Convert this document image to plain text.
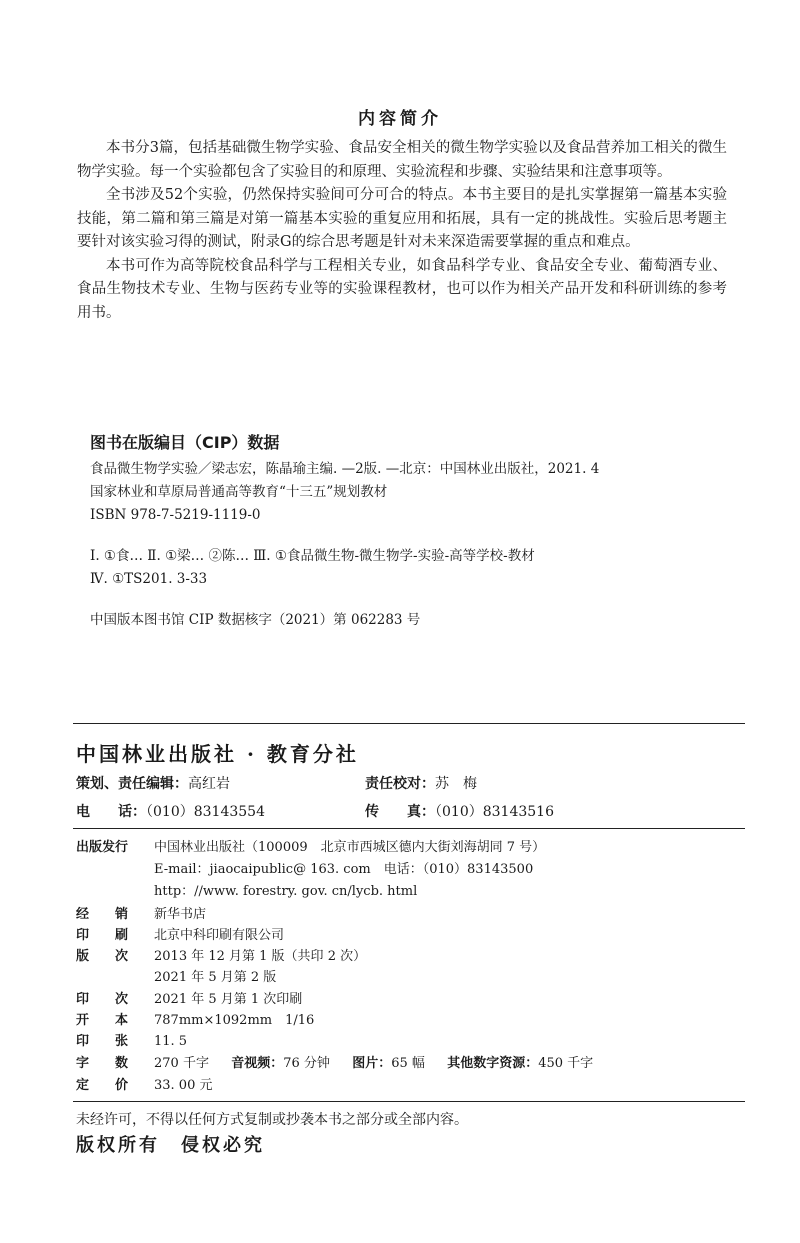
内容简介

本书分3篇，包括基础微生物学实验、食品安全相关的微生物学实验以及食品营养加工相关的微生物学实验。每一个实验都包含了实验目的和原理、实验流程和步骤、实验结果和注意事项等。

全书涉及52个实验，仍然保持实验间可分可合的特点。本书主要目的是扎实掌握第一篇基本实验技能，第二篇和第三篇是对第一篇基本实验的重复应用和拓展，具有一定的挑战性。实验后思考题主要针对该实验习得的测试，附录G的综合思考题是针对未来深造需要掌握的重点和难点。

本书可作为高等院校食品科学与工程相关专业，如食品科学专业、食品安全专业、葡萄酒专业、食品生物技术专业、生物与医药专业等的实验课程教材，也可以作为相关产品开发和科研训练的参考用书。

图书在版编目（CIP）数据
食品微生物学实验／梁志宏，陈晶瑜主编. —2版. —北京：中国林业出版社，2021. 4
国家林业和草原局普通高等教育“十三五”规划教材
ISBN 978-7-5219-1119-0
Ⅰ. ①食… Ⅱ. ①梁… ②陈… Ⅲ. ①食品微生物-微生物学-实验-高等学校-教材
Ⅳ. ①TS201. 3-33
中国版本图书馆 CIP 数据核字（2021）第 062283 号
中国林业出版社 · 教育分社
策划、责任编辑：高红岩	责任校对：苏　梅
电　　话：（010）83143554	传　　真：（010）83143516
出版发行 中国林业出版社（100009　北京市西城区德内大街刘海胡同 7 号）
E-mail：jiaocaipublic@ 163. com　电话：（010）83143500
http：//www. forestry. gov. cn/lycb. html
经　　销 新华书店
印　　刷 北京中科印刷有限公司
版　　次 2013 年 12 月第 1 版（共印 2 次）
2021 年 5 月第 2 版
印　　次 2021 年 5 月第 1 次印刷
开　　本 787mm×1092mm　1/16
印　　张 11. 5
字　　数 270 千字 音视频：76 分钟 图片：65 幅 其他数字资源：450 千字
定　　价 33. 00 元
未经许可，不得以任何方式复制或抄袭本书之部分或全部内容。
版权所有　侵权必究
